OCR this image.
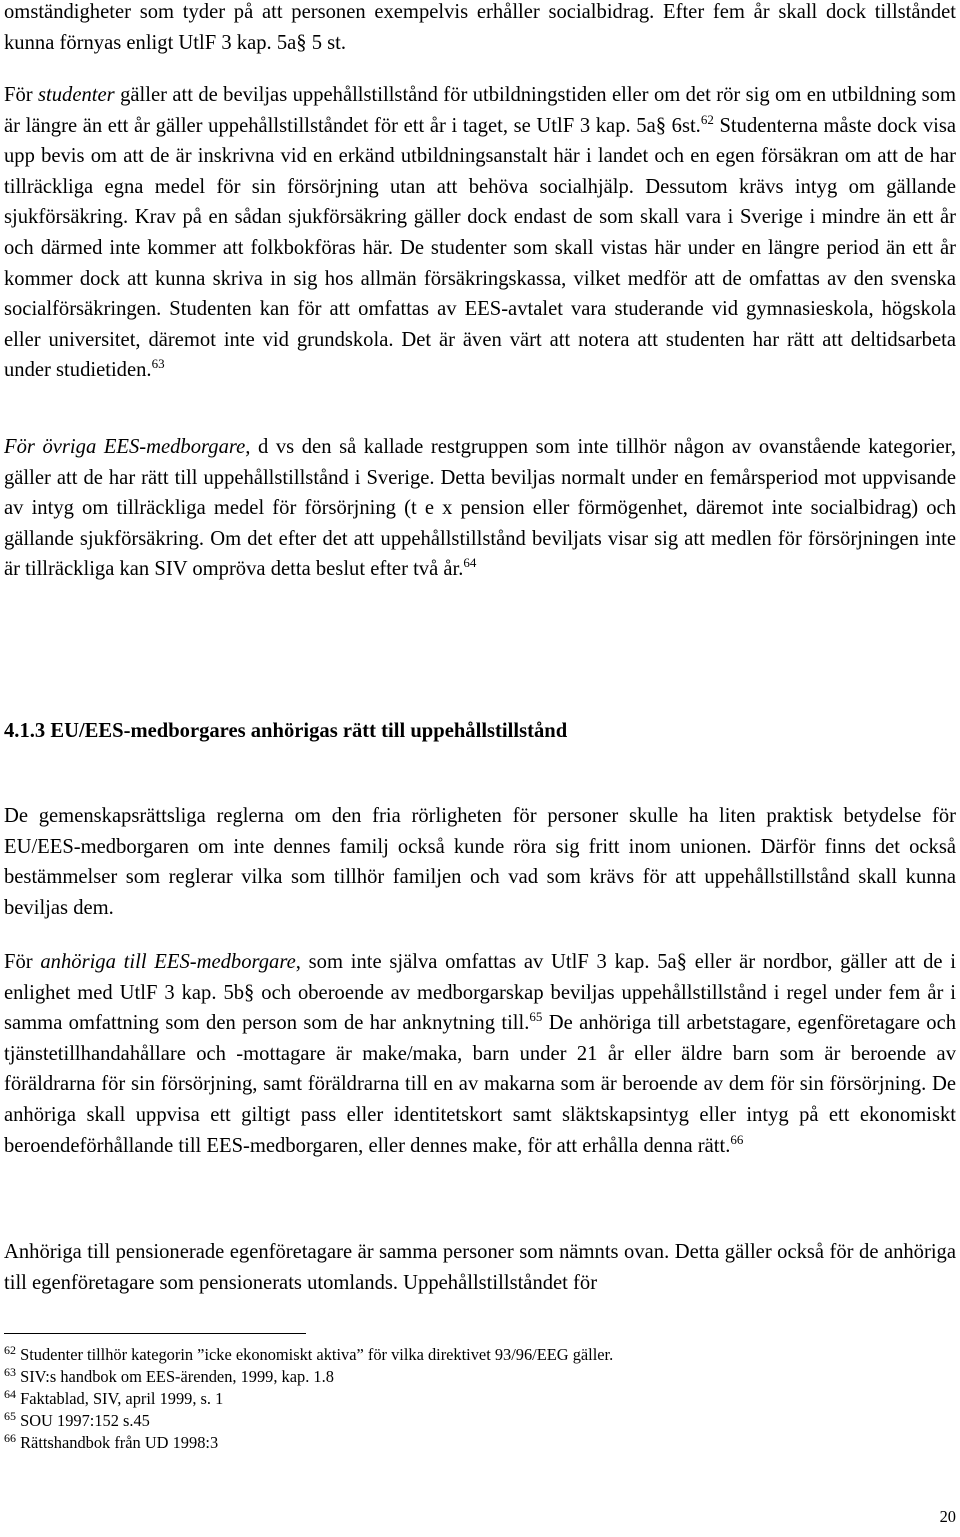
omständigheter som tyder på att personen exempelvis erhåller socialbidrag. Efter fem år skall dock tillståndet kunna förnyas enligt UtlF 3 kap. 5a§ 5 st.

För studenter gäller att de beviljas uppehållstillstånd för utbildningstiden eller om det rör sig om en utbildning som är längre än ett år gäller uppehållstillståndet för ett år i taget, se UtlF 3 kap. 5a§ 6st.$^{62}$ Studenterna måste dock visa upp bevis om att de är inskrivna vid en erkänd utbildningsanstalt här i landet och en egen försäkran om att de har tillräckliga egna medel för sin försörjning utan att behöva socialhjälp. Dessutom krävs intyg om gällande sjukförsäkring. Krav på en sådan sjukförsäkring gäller dock endast de som skall vara i Sverige i mindre än ett år och därmed inte kommer att folkbokföras här. De studenter som skall vistas här under en längre period än ett år kommer dock att kunna skriva in sig hos allmän försäkringskassa, vilket medför att de omfattas av den svenska socialförsäkringen. Studenten kan för att omfattas av EES-avtalet vara studerande vid gymnasieskola, högskola eller universitet, däremot inte vid grundskola. Det är även värt att notera att studenten har rätt att deltidsarbeta under studietiden.$^{63}$

För övriga EES-medborgare, d vs den så kallade restgruppen som inte tillhör någon av ovanstående kategorier, gäller att de har rätt till uppehållstillstånd i Sverige. Detta beviljas normalt under en femårsperiod mot uppvisande av intyg om tillräckliga medel för försörjning (t e x pension eller förmögenhet, däremot inte socialbidrag) och gällande sjukförsäkring. Om det efter det att uppehållstillstånd beviljats visar sig att medlen för försörjningen inte är tillräckliga kan SIV ompröva detta beslut efter två år.$^{64}$

4.1.3 EU/EES-medborgares anhörigas rätt till uppehållstillstånd

De gemenskapsrättsliga reglerna om den fria rörligheten för personer skulle ha liten praktisk betydelse för EU/EES-medborgaren om inte dennes familj också kunde röra sig fritt inom unionen. Därför finns det också bestämmelser som reglerar vilka som tillhör familjen och vad som krävs för att uppehållstillstånd skall kunna beviljas dem.

För anhöriga till EES-medborgare, som inte själva omfattas av UtlF 3 kap. 5a§ eller är nordbor, gäller att de i enlighet med UtlF 3 kap. 5b§ och oberoende av medborgarskap beviljas uppehållstillstånd i regel under fem år i samma omfattning som den person som de har anknytning till.$^{65}$ De anhöriga till arbetstagare, egenföretagare och tjänstetillhandahållare och -mottagare är make/maka, barn under 21 år eller äldre barn som är beroende av föräldrarna för sin försörjning, samt föräldrarna till en av makarna som är beroende av dem för sin försörjning. De anhöriga skall uppvisa ett giltigt pass eller identitetskort samt släktskapsintyg eller intyg på ett ekonomiskt beroendeförhållande till EES-medborgaren, eller dennes make, för att erhålla denna rätt.$^{66}$

Anhöriga till pensionerade egenföretagare är samma personer som nämnts ovan. Detta gäller också för de anhöriga till egenföretagare som pensionerats utomlands. Uppehållstillståndet för

$^{62}$ Studenter tillhör kategorin ”icke ekonomiskt aktiva” för vilka direktivet 93/96/EEG gäller.

$^{63}$ SIV:s handbok om EES-ärenden, 1999, kap. 1.8

$^{64}$ Faktablad, SIV, april 1999, s. 1

$^{65}$ SOU 1997:152 s.45

$^{66}$ Rättshandbok från UD 1998:3

20
